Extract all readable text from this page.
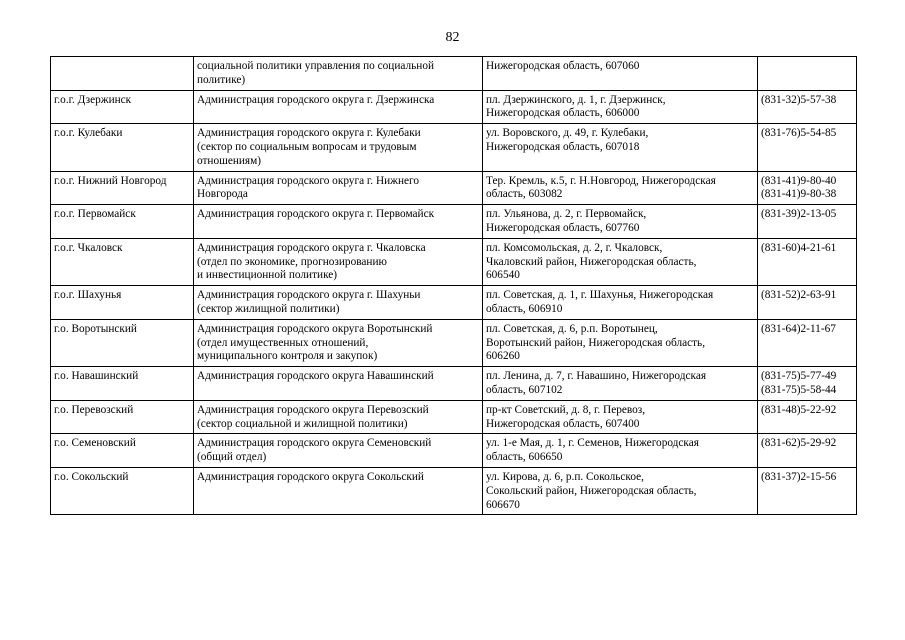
82

	социальной политики управления по социальной
политике)	Нижегородская область, 607060	

г.о.г. Дзержинск	Администрация городского округа г. Дзержинска	пл. Дзержинского, д. 1, г. Дзержинск,
Нижегородская область, 606000	(831-32)5-57-38

г.о.г. Кулебаки	Администрация городского округа г. Кулебаки
(сектор по социальным вопросам и трудовым
отношениям)	ул. Воровского, д. 49, г. Кулебаки,
Нижегородская область, 607018	(831-76)5-54-85

г.о.г. Нижний Новгород	Администрация городского округа г. Нижнего
Новгорода	Тер. Кремль, к.5, г. Н.Новгород, Нижегородская
область, 603082	(831-41)9-80-40
(831-41)9-80-38

г.о.г. Первомайск	Администрация городского округа г. Первомайск	пл. Ульянова, д. 2, г. Первомайск,
Нижегородская область, 607760	(831-39)2-13-05

г.о.г. Чкаловск	Администрация городского округа г. Чкаловска
(отдел по экономике, прогнозированию
и инвестиционной политике)	пл. Комсомольская, д. 2, г. Чкаловск,
Чкаловский район, Нижегородская область,
606540	(831-60)4-21-61

г.о.г. Шахунья	Администрация городского округа г. Шахуньи
(сектор жилищной политики)	пл. Советская, д. 1, г. Шахунья, Нижегородская
область, 606910	(831-52)2-63-91

г.о. Воротынский	Администрация городского округа Воротынский
(отдел имущественных отношений,
муниципального контроля и закупок)	пл. Советская, д. 6, р.п. Воротынец,
Воротынский район, Нижегородская область,
606260	(831-64)2-11-67

г.о. Навашинский	Администрация городского округа Навашинский	пл. Ленина, д. 7, г. Навашино, Нижегородская
область, 607102	(831-75)5-77-49
(831-75)5-58-44

г.о. Перевозский	Администрация городского округа Перевозский
(сектор социальной и жилищной политики)	пр-кт Советский, д. 8, г. Перевоз,
Нижегородская область, 607400	(831-48)5-22-92

г.о. Семеновский	Администрация городского округа Семеновский
(общий отдел)	ул. 1-е Мая, д. 1, г. Семенов, Нижегородская
область, 606650	(831-62)5-29-92

г.о. Сокольский	Администрация городского округа Сокольский	ул. Кирова, д. 6, р.п. Сокольское,
Сокольский район, Нижегородская область,
606670	(831-37)2-15-56
